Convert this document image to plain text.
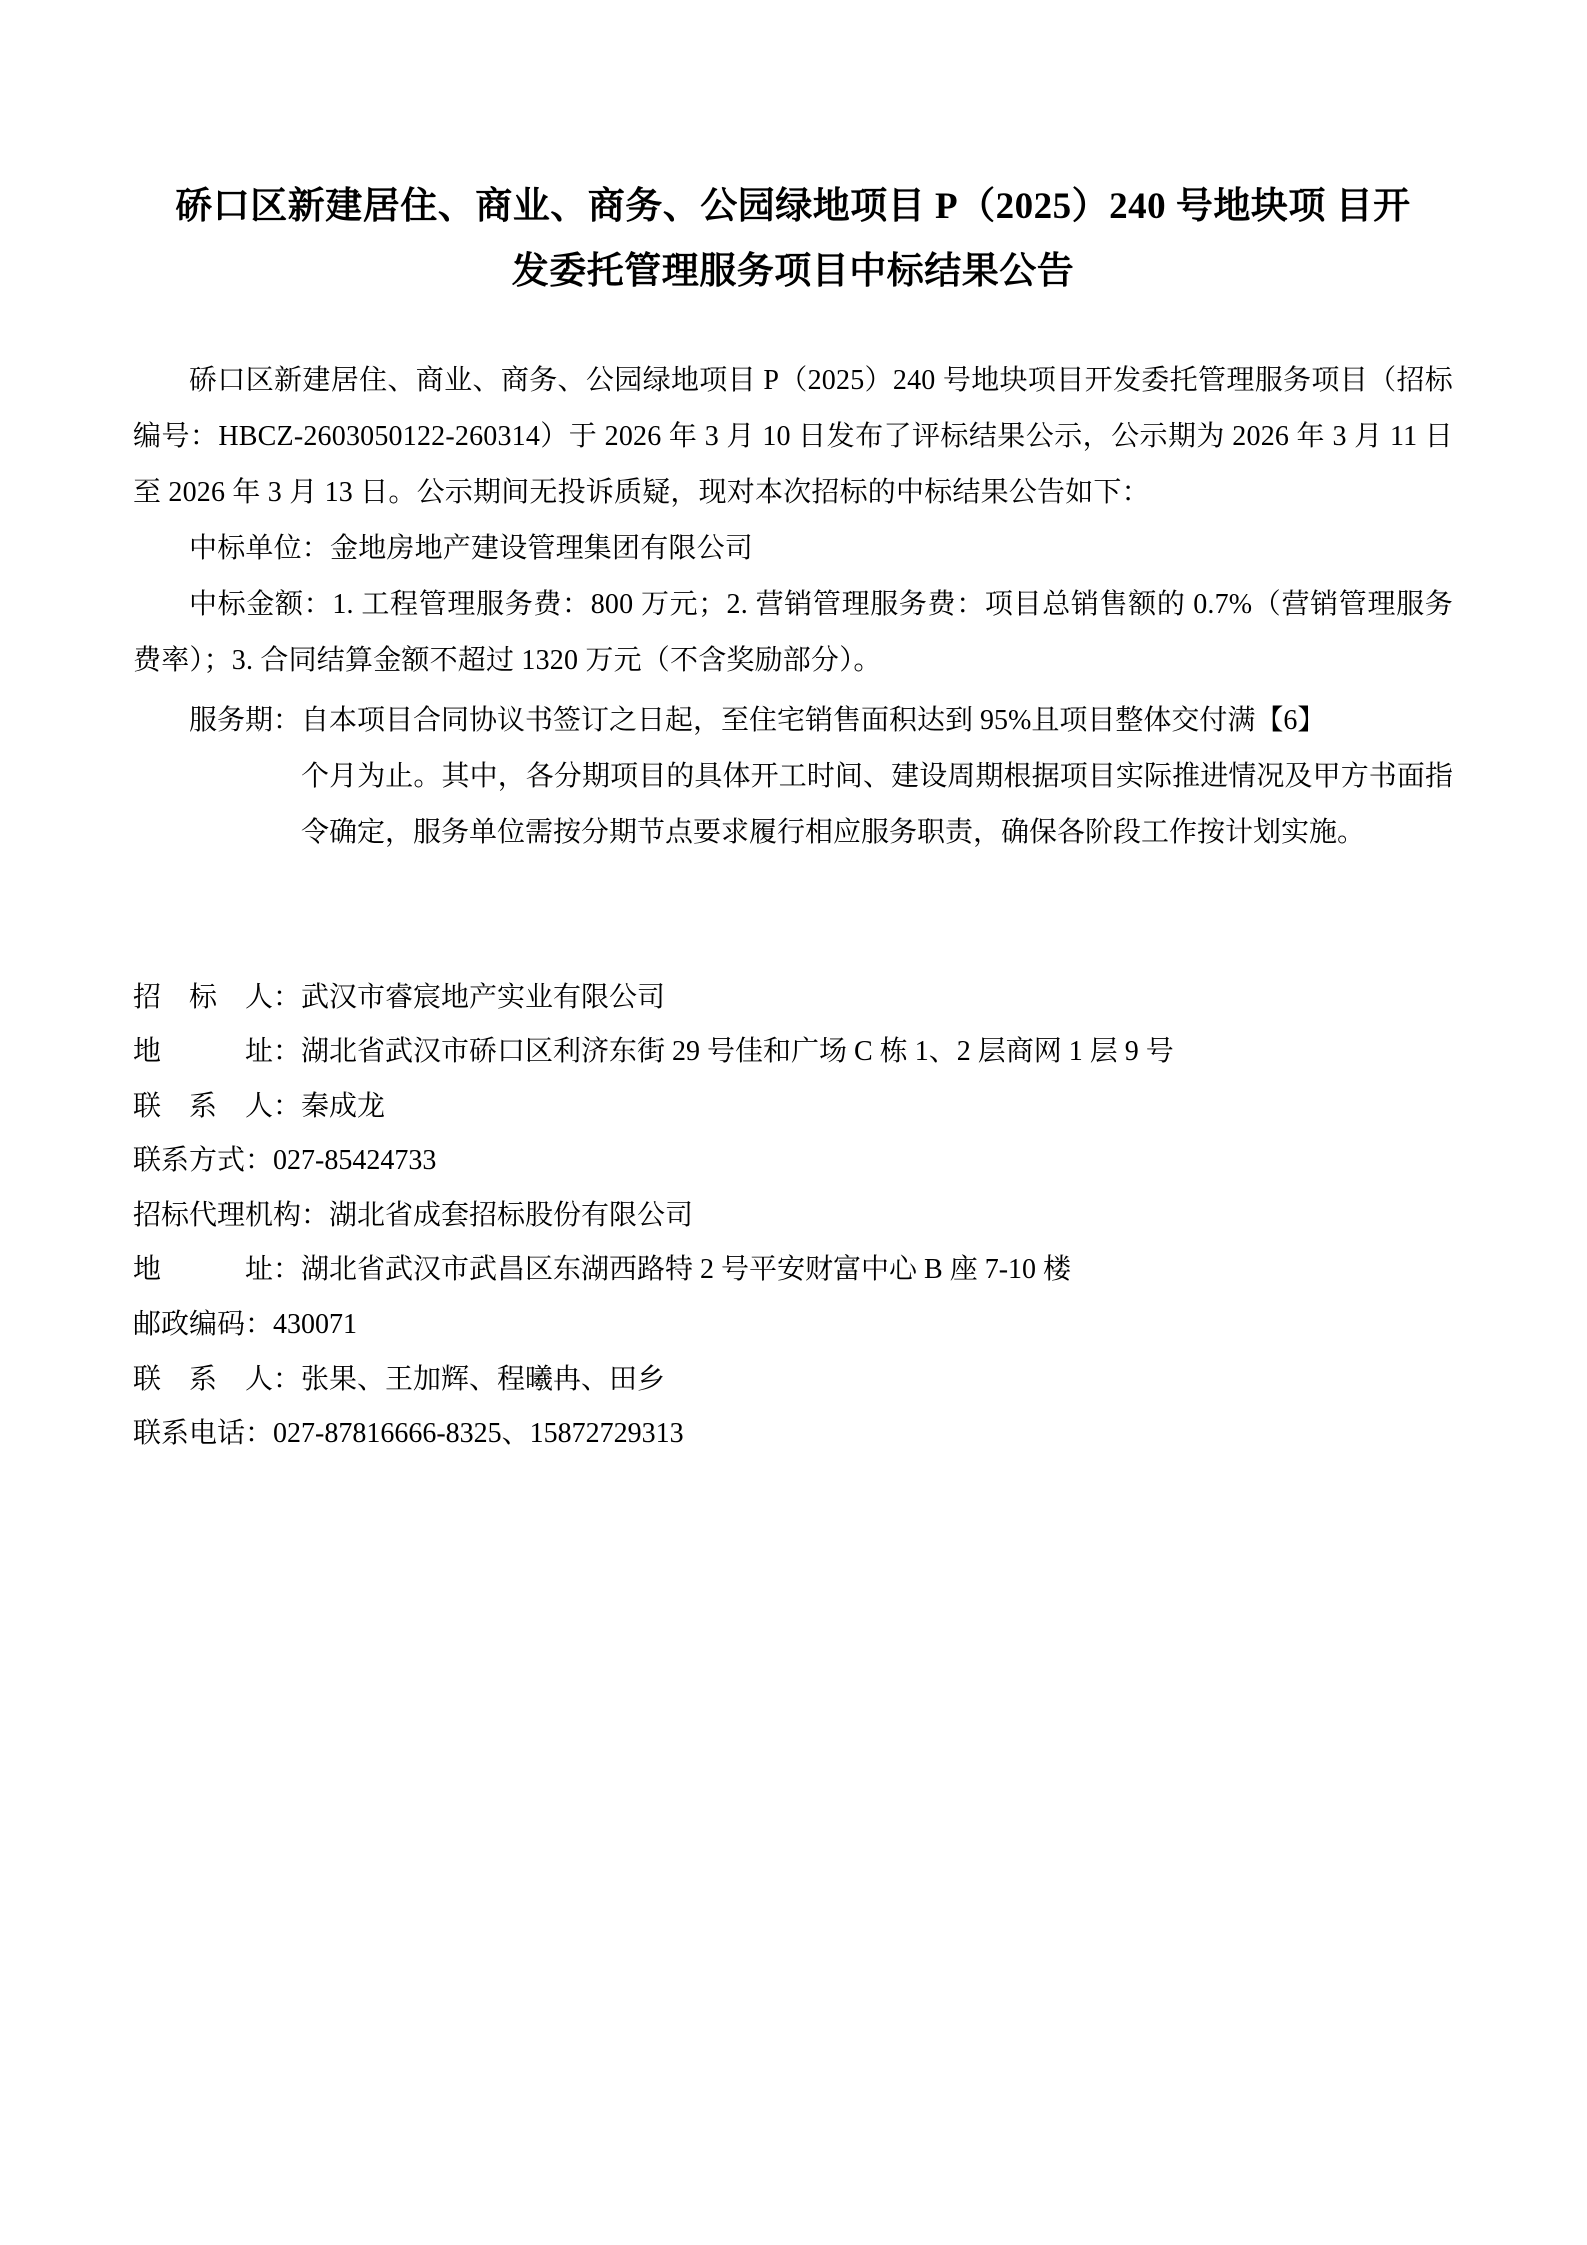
硚口区新建居住、商业、商务、公园绿地项目 P（2025）240 号地块项 目开发委托管理服务项目中标结果公告

硚口区新建居住、商业、商务、公园绿地项目 P（2025）240 号地块项目开发委托管理服务项目（招标编号：HBCZ-2603050122-260314）于 2026 年 3 月 10 日发布了评标结果公示，公示期为 2026 年 3 月 11 日至 2026 年 3 月 13 日。公示期间无投诉质疑，现对本次招标的中标结果公告如下：

中标单位：金地房地产建设管理集团有限公司

中标金额：1. 工程管理服务费：800 万元；2. 营销管理服务费：项目总销售额的 0.7%（营销管理服务费率）；3. 合同结算金额不超过 1320 万元（不含奖励部分）。

服务期：自本项目合同协议书签订之日起，至住宅销售面积达到 95%且项目整体交付满【6】

个月为止。其中，各分期项目的具体开工时间、建设周期根据项目实际推进情况及甲方书面指令确定，服务单位需按分期节点要求履行相应服务职责，确保各阶段工作按计划实施。

招　标　人：武汉市睿宸地产实业有限公司

地　　　址：湖北省武汉市硚口区利济东街 29 号佳和广场 C 栋 1、2 层商网 1 层 9 号

联　系　人：秦成龙

联系方式：027-85424733

招标代理机构：湖北省成套招标股份有限公司

地　　　址：湖北省武汉市武昌区东湖西路特 2 号平安财富中心 B 座 7-10 楼

邮政编码：430071

联　系　人：张果、王加辉、程曦冉、田乡

联系电话：027-87816666-8325、15872729313
